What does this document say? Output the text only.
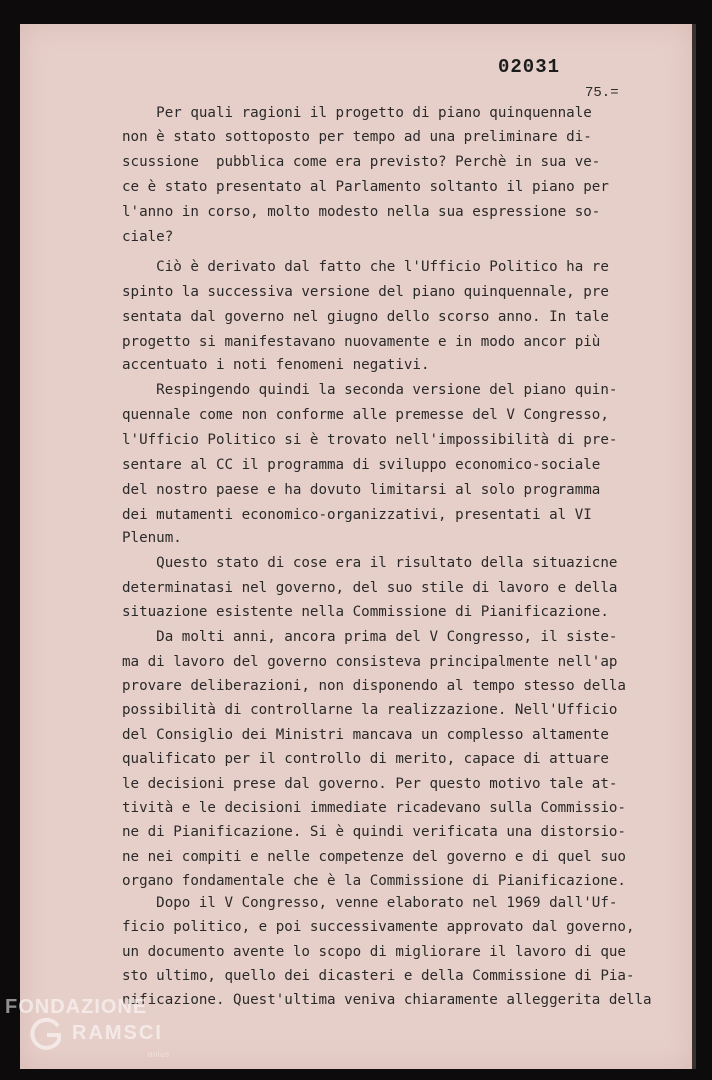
02031
75.=
Per quali ragioni il progetto di piano quinquennale
non è stato sottoposto per tempo ad una preliminare di-
scussione  pubblica come era previsto? Perchè in sua ve-
ce è stato presentato al Parlamento soltanto il piano per
l'anno in corso, molto modesto nella sua espressione so-
ciale?
Ciò è derivato dal fatto che l'Ufficio Politico ha re
spinto la successiva versione del piano quinquennale, pre
sentata dal governo nel giugno dello scorso anno. In tale
progetto si manifestavano nuovamente e in modo ancor più
accentuato i noti fenomeni negativi.
Respingendo quindi la seconda versione del piano quin-
quennale come non conforme alle premesse del V Congresso,
l'Ufficio Politico si è trovato nell'impossibilità di pre-
sentare al CC il programma di sviluppo economico-sociale
del nostro paese e ha dovuto limitarsi al solo programma
dei mutamenti economico-organizzativi, presentati al VI
Plenum.
Questo stato di cose era il risultato della situazicne
determinatasi nel governo, del suo stile di lavoro e della
situazione esistente nella Commissione di Pianificazione.
Da molti anni, ancora prima del V Congresso, il siste-
ma di lavoro del governo consisteva principalmente nell'ap
provare deliberazioni, non disponendo al tempo stesso della
possibilità di controllarne la realizzazione. Nell'Ufficio
del Consiglio dei Ministri mancava un complesso altamente
qualificato per il controllo di merito, capace di attuare
le decisioni prese dal governo. Per questo motivo tale at-
tività e le decisioni immediate ricadevano sulla Commissio-
ne di Pianificazione. Si è quindi verificata una distorsio-
ne nei compiti e nelle competenze del governo e di quel suo
organo fondamentale che è la Commissione di Pianificazione.
Dopo il V Congresso, venne elaborato nel 1969 dall'Uf-
ficio politico, e poi successivamente approvato dal governo,
un documento avente lo scopo di migliorare il lavoro di que
sto ultimo, quello dei dicasteri e della Commissione di Pia-
nificazione. Quest'ultima veniva chiaramente alleggerita della
FONDAZIONE
RAMSCI
onlus
